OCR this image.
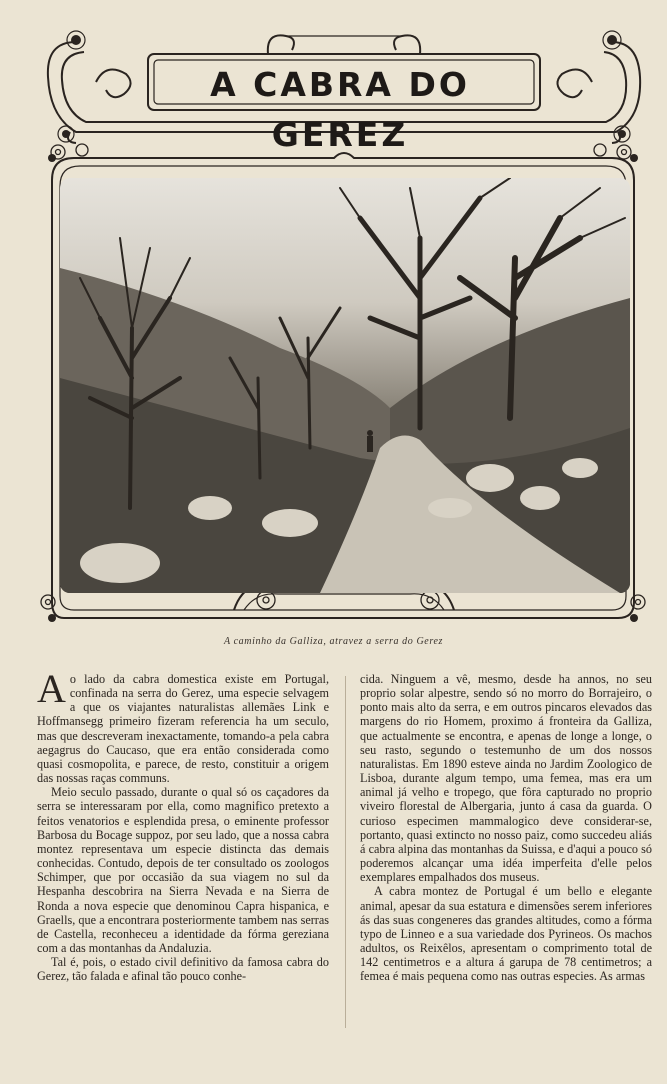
A CABRA DO GEREZ
A caminho da Galliza, atravez a serra do Gerez

Ao lado da cabra domestica existe em Portugal, confinada na serra do Gerez, uma especie selvagem a que os viajantes naturalistas allemães Link e Hoffmansegg primeiro fizeram referencia ha um seculo, mas que descreveram inexactamente, tomando-a pela cabra aegagrus do Caucaso, que era então considerada como quasi cosmopolita, e parece, de resto, constituir a origem das nossas raças communs.

Meio seculo passado, durante o qual só os caçadores da serra se interessaram por ella, como magnifico pretexto a feitos venatorios e esplendida presa, o eminente professor Barbosa du Bocage suppoz, por seu lado, que a nossa cabra montez representava um especie distincta das demais conhecidas. Contudo, depois de ter consultado os zoologos Schimper, que por occasião da sua viagem no sul da Hespanha descobrira na Sierra Nevada e na Sierra de Ronda a nova especie que denominou Capra hispanica, e Graells, que a encontrara posteriormente tambem nas serras de Castella, reconheceu a identidade da fórma gereziana com a das montanhas da Andaluzia.

Tal é, pois, o estado civil definitivo da famosa cabra do Gerez, tão falada e afinal tão pouco conhe-

cida. Ninguem a vê, mesmo, desde ha annos, no seu proprio solar alpestre, sendo só no morro do Borrajeiro, o ponto mais alto da serra, e em outros pincaros elevados das margens do rio Homem, proximo á fronteira da Galliza, que actualmente se encontra, e apenas de longe a longe, o seu rasto, segundo o testemunho de um dos nossos naturalistas. Em 1890 esteve ainda no Jardim Zoologico de Lisboa, durante algum tempo, uma femea, mas era um animal já velho e tropego, que fôra capturado no proprio viveiro florestal de Albergaria, junto á casa da guarda. O curioso especimen mammalogico deve considerar-se, portanto, quasi extincto no nosso paiz, como succedeu aliás á cabra alpina das montanhas da Suissa, e d'aqui a pouco só poderemos alcançar uma idéa imperfeita d'elle pelos exemplares empalhados dos museus.

A cabra montez de Portugal é um bello e elegante animal, apesar da sua estatura e dimensões serem inferiores ás das suas congeneres das grandes altitudes, como a fórma typo de Linneo e a sua variedade dos Pyrineos. Os machos adultos, os Reixêlos, apresentam o comprimento total de 142 centimetros e a altura á garupa de 78 centimetros; a femea é mais pequena como nas outras especies. As armas
